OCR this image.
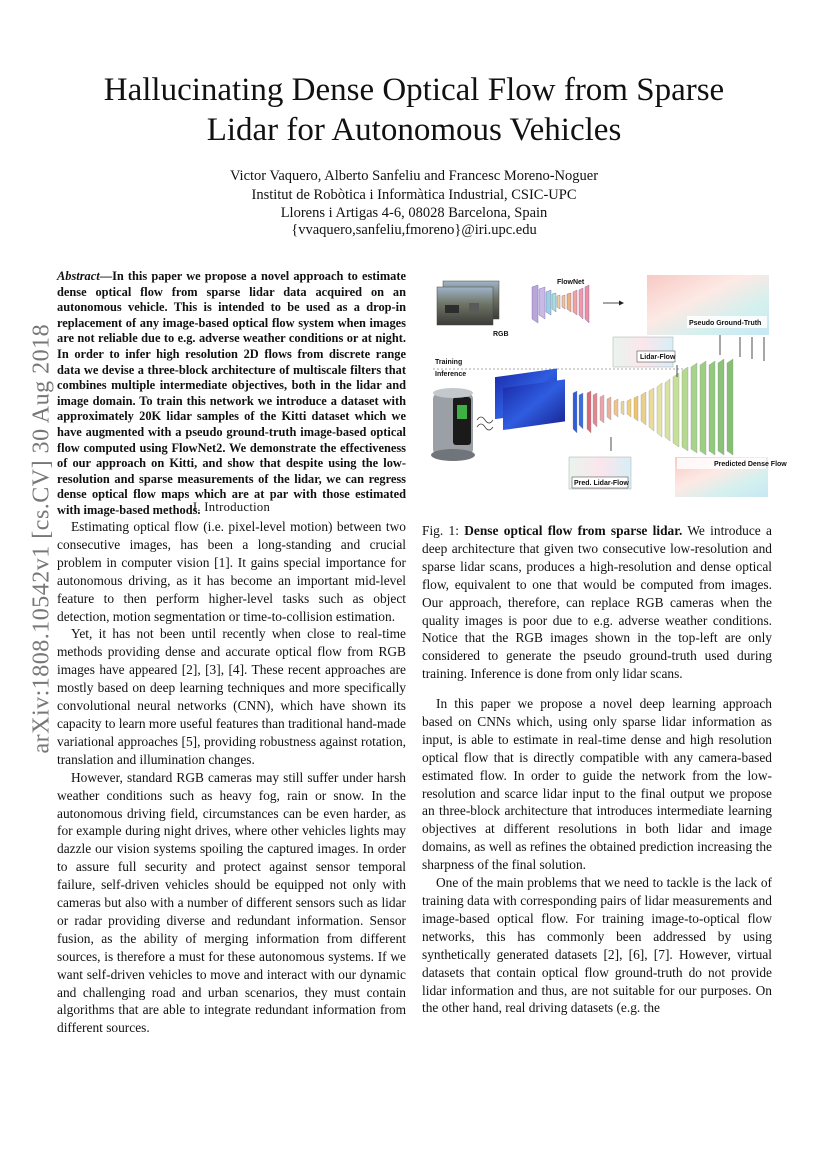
Hallucinating Dense Optical Flow from Sparse
Lidar for Autonomous Vehicles
Victor Vaquero, Alberto Sanfeliu and Francesc Moreno-Noguer
Institut de Robòtica i Informàtica Industrial, CSIC-UPC
Llorens i Artigas 4-6, 08028 Barcelona, Spain
{vvaquero,sanfeliu,fmoreno}@iri.upc.edu
arXiv:1808.10542v1 [cs.CV] 30 Aug 2018
Abstract—In this paper we propose a novel approach to estimate dense optical flow from sparse lidar data acquired on an autonomous vehicle. This is intended to be used as a drop-in replacement of any image-based optical flow system when images are not reliable due to e.g. adverse weather conditions or at night. In order to infer high resolution 2D flows from discrete range data we devise a three-block architecture of multiscale filters that combines multiple intermediate objectives, both in the lidar and image domain. To train this network we introduce a dataset with approximately 20K lidar samples of the Kitti dataset which we have augmented with a pseudo ground-truth image-based optical flow computed using FlowNet2. We demonstrate the effectiveness of our approach on Kitti, and show that despite using the low-resolution and sparse measurements of the lidar, we can regress dense optical flow maps which are at par with those estimated with image-based methods.
I. Introduction

Estimating optical flow (i.e. pixel-level motion) between two consecutive images, has been a long-standing and crucial problem in computer vision [1]. It gains special importance for autonomous driving, as it has become an important mid-level feature to then perform higher-level tasks such as object detection, motion segmentation or time-to-collision estimation.

Yet, it has not been until recently when close to real-time methods providing dense and accurate optical flow from RGB images have appeared [2], [3], [4]. These recent approaches are mostly based on deep learning techniques and more specifically convolutional neural networks (CNN), which have shown its capacity to learn more useful features than traditional hand-made variational approaches [5], providing robustness against rotation, translation and illumination changes.

However, standard RGB cameras may still suffer under harsh weather conditions such as heavy fog, rain or snow. In the autonomous driving field, circumstances can be even harder, as for example during night drives, where other vehicles lights may dazzle our vision systems spoiling the captured images. In order to assure full security and protect against sensor temporal failure, self-driven vehicles should be equipped not only with cameras but also with a number of different sensors such as lidar or radar providing diverse and redundant information. Sensor fusion, as the ability of merging information from different sources, is therefore a must for these autonomous systems. If we want self-driven vehicles to move and interact with our dynamic and challenging road and urban scenarios, they must contain algorithms that are able to integrate redundant information from different sources.

RGB
FlowNet
Pseudo Ground-Truth
Lidar-Flow
Training
Inference
Pred. Lidar-Flow
Predicted Dense Flow
Fig. 1: Dense optical flow from sparse lidar. We introduce a deep architecture that given two consecutive low-resolution and sparse lidar scans, produces a high-resolution and dense optical flow, equivalent to one that would be computed from images. Our approach, therefore, can replace RGB cameras when the quality images is poor due to e.g. adverse weather conditions. Notice that the RGB images shown in the top-left are only considered to generate the pseudo ground-truth used during training. Inference is done from only lidar scans.

In this paper we propose a novel deep learning approach based on CNNs which, using only sparse lidar information as input, is able to estimate in real-time dense and high resolution optical flow that is directly compatible with any camera-based estimated flow. In order to guide the network from the low-resolution and scarce lidar input to the final output we propose an three-block architecture that introduces intermediate learning objectives at different resolutions in both lidar and image domains, as well as refines the obtained prediction increasing the sharpness of the final solution.

One of the main problems that we need to tackle is the lack of training data with corresponding pairs of lidar measurements and image-based optical flow. For training image-to-optical flow networks, this has commonly been addressed by using synthetically generated datasets [2], [6], [7]. However, virtual datasets that contain optical flow ground-truth do not provide lidar information and thus, are not suitable for our purposes. On the other hand, real driving datasets (e.g. the
